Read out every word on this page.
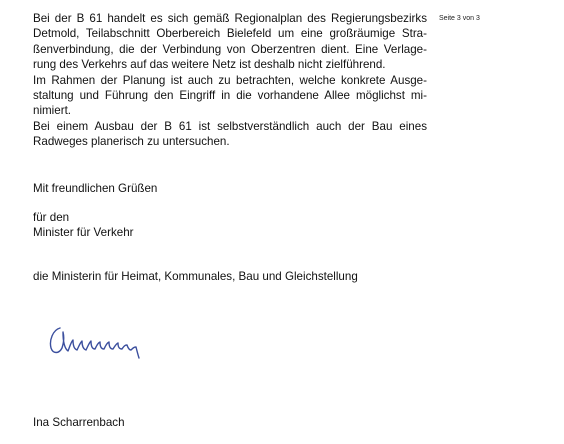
Bei der B 61 handelt es sich gemäß Regionalplan des Regierungsbezirks
Detmold, Teilabschnitt Oberbereich Bielefeld um eine großräumige Stra-
ßenverbindung, die der Verbindung von Oberzentren dient. Eine Verlage-
rung des Verkehrs auf das weitere Netz ist deshalb nicht zielführend.
Im Rahmen der Planung ist auch zu betrachten, welche konkrete Ausge-
staltung und Führung den Eingriff in die vorhandene Allee möglichst mi-
nimiert.
Bei einem Ausbau der B 61 ist selbstverständlich auch der Bau eines
Radweges planerisch zu untersuchen.
Seite 3 von 3
Mit freundlichen Grüßen
für den
Minister für Verkehr
die Ministerin für Heimat, Kommunales, Bau und Gleichstellung
Ina Scharrenbach
